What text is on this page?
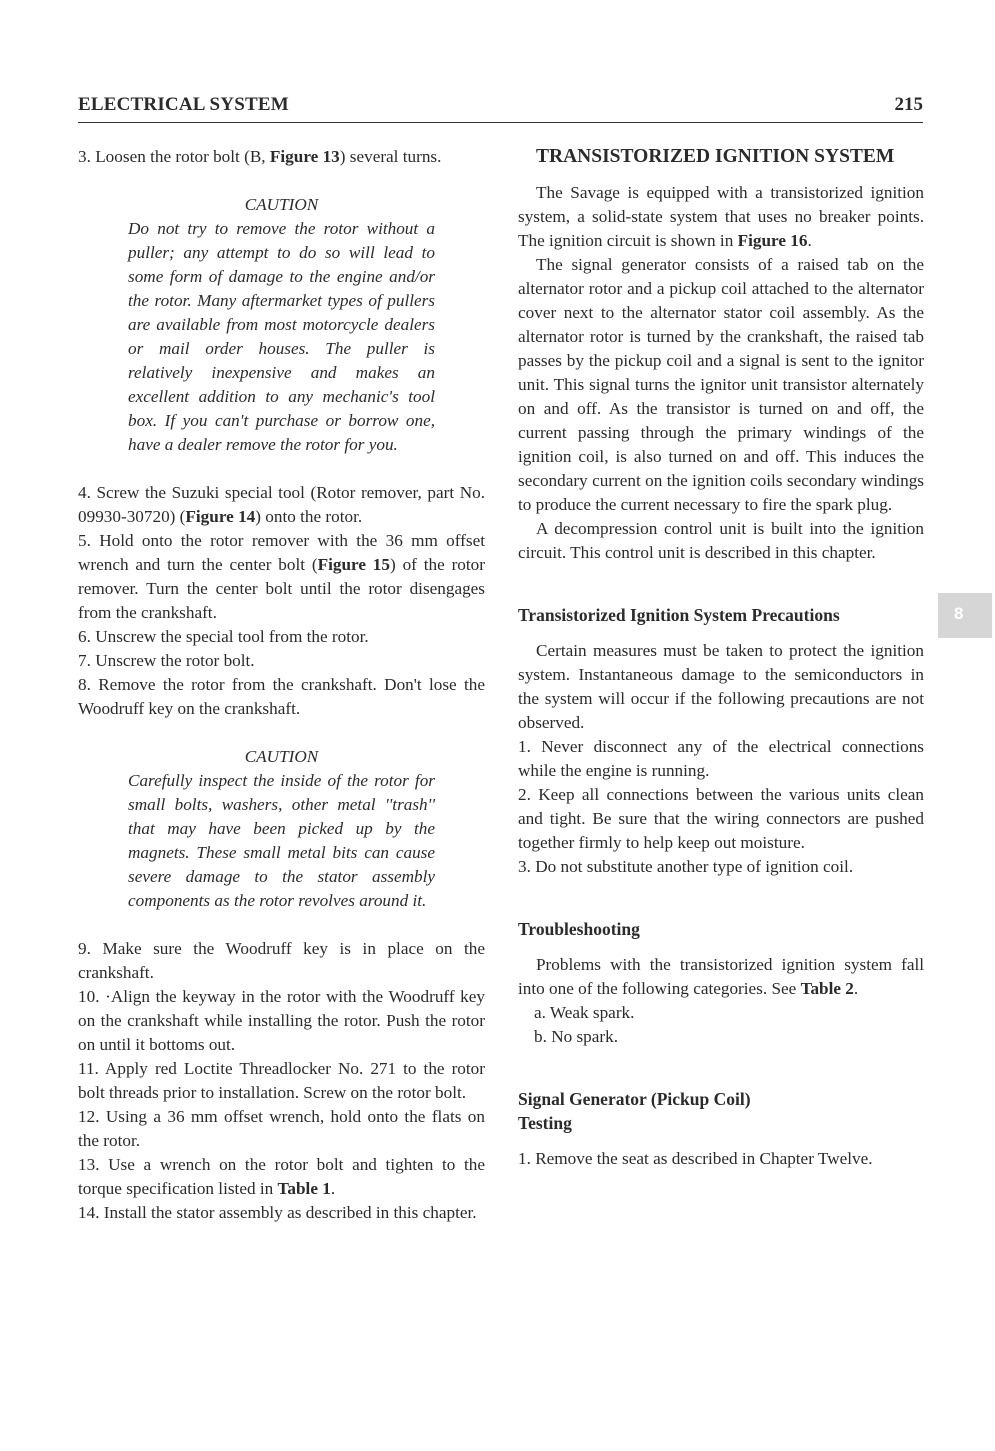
ELECTRICAL SYSTEM	215

3. Loosen the rotor bolt (B, Figure 13) several turns.

CAUTION

Do not try to remove the rotor without a puller; any attempt to do so will lead to some form of damage to the engine and/or the rotor. Many aftermarket types of pullers are available from most motorcycle dealers or mail order houses. The puller is relatively inexpensive and makes an excellent addition to any mechanic's tool box. If you can't purchase or borrow one, have a dealer remove the rotor for you.

4. Screw the Suzuki special tool (Rotor remover, part No. 09930-30720) (Figure 14) onto the rotor.

5. Hold onto the rotor remover with the 36 mm offset wrench and turn the center bolt (Figure 15) of the rotor remover. Turn the center bolt until the rotor disengages from the crankshaft.

6. Unscrew the special tool from the rotor.

7. Unscrew the rotor bolt.

8. Remove the rotor from the crankshaft. Don't lose the Woodruff key on the crankshaft.

CAUTION

Carefully inspect the inside of the rotor for small bolts, washers, other metal ''trash'' that may have been picked up by the magnets. These small metal bits can cause severe damage to the stator assembly components as the rotor revolves around it.

9. Make sure the Woodruff key is in place on the crankshaft.

10. ·Align the keyway in the rotor with the Woodruff key on the crankshaft while installing the rotor. Push the rotor on until it bottoms out.

11. Apply red Loctite Threadlocker No. 271 to the rotor bolt threads prior to installation. Screw on the rotor bolt.

12. Using a 36 mm offset wrench, hold onto the flats on the rotor.

13. Use a wrench on the rotor bolt and tighten to the torque specification listed in Table 1.

14. Install the stator assembly as described in this chapter.

TRANSISTORIZED IGNITION SYSTEM

The Savage is equipped with a transistorized ignition system, a solid-state system that uses no breaker points. The ignition circuit is shown in Figure 16.

The signal generator consists of a raised tab on the alternator rotor and a pickup coil attached to the alternator cover next to the alternator stator coil assembly. As the alternator rotor is turned by the crankshaft, the raised tab passes by the pickup coil and a signal is sent to the ignitor unit. This signal turns the ignitor unit transistor alternately on and off. As the transistor is turned on and off, the current passing through the primary windings of the ignition coil, is also turned on and off. This induces the secondary current on the ignition coils secondary windings to produce the current necessary to fire the spark plug.

A decompression control unit is built into the ignition circuit. This control unit is described in this chapter.

Transistorized Ignition System Precautions

Certain measures must be taken to protect the ignition system. Instantaneous damage to the semiconductors in the system will occur if the following precautions are not observed.

1. Never disconnect any of the electrical connections while the engine is running.

2. Keep all connections between the various units clean and tight. Be sure that the wiring connectors are pushed together firmly to help keep out moisture.

3. Do not substitute another type of ignition coil.

Troubleshooting

Problems with the transistorized ignition system fall into one of the following categories. See Table 2.

a. Weak spark.

b. No spark.

Signal Generator (Pickup Coil)
Testing

1. Remove the seat as described in Chapter Twelve.

8
